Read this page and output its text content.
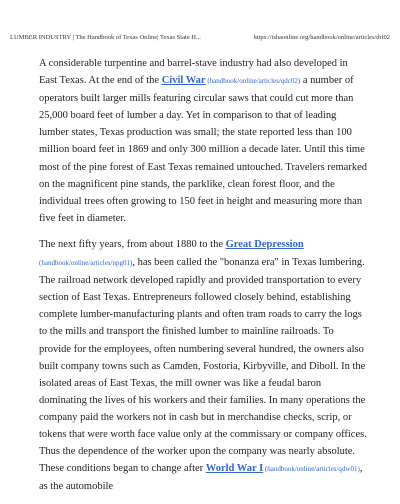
LUMBER INDUSTRY | The Handbook of Texas Online| Texas State H...	https://tshaonline.org/handbook/online/articles/drl02

A considerable turpentine and barrel-stave industry had also developed in East Texas. At the end of the Civil War (handbook/online/articles/qdc02) a number of operators built larger mills featuring circular saws that could cut more than 25,000 board feet of lumber a day. Yet in comparison to that of leading lumber states, Texas production was small; the state reported less than 100 million board feet in 1869 and only 300 million a decade later. Until this time most of the pine forest of East Texas remained untouched. Travelers remarked on the magnificent pine stands, the parklike, clean forest floor, and the individual trees often growing to 150 feet in height and measuring more than five feet in diameter.

The next fifty years, from about 1880 to the Great Depression (handbook/online/articles/npg01), has been called the "bonanza era" in Texas lumbering. The railroad network developed rapidly and provided transportation to every section of East Texas. Entrepreneurs followed closely behind, establishing complete lumber-manufacturing plants and often tram roads to carry the logs to the mills and transport the finished lumber to mainline railroads. To provide for the employees, often numbering several hundred, the owners also built company towns such as Camden, Fostoria, Kirbyville, and Diboll. In the isolated areas of East Texas, the mill owner was like a feudal baron dominating the lives of his workers and their families. In many operations the company paid the workers not in cash but in merchandise checks, scrip, or tokens that were worth face value only at the commissary or company offices. Thus the dependence of the worker upon the company was nearly absolute. These conditions began to change after World War I (handbook/online/articles/qdw01), as the automobile
